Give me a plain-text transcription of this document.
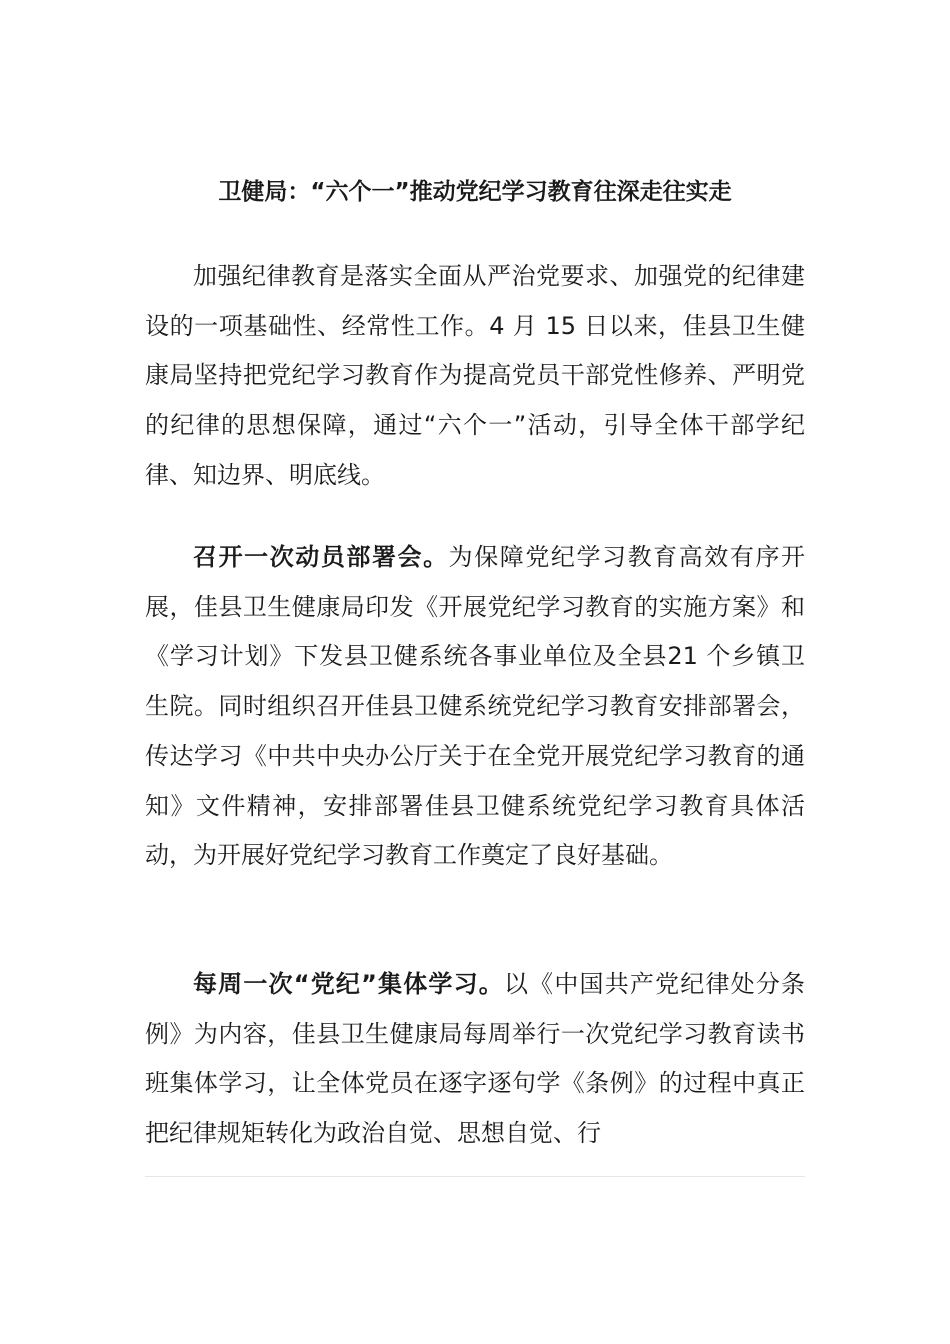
卫健局：“六个一”推动党纪学习教育往深走往实走

加强纪律教育是落实全面从严治党要求、加强党的纪律建设的一项基础性、经常性工作。4 月 15 日以来，佳县卫生健康局坚持把党纪学习教育作为提高党员干部党性修养、严明党的纪律的思想保障，通过“六个一”活动，引导全体干部学纪律、知边界、明底线。

召开一次动员部署会。为保障党纪学习教育高效有序开展，佳县卫生健康局印发《开展党纪学习教育的实施方案》和《学习计划》下发县卫健系统各事业单位及全县21 个乡镇卫生院。同时组织召开佳县卫健系统党纪学习教育安排部署会，传达学习《中共中央办公厅关于在全党开展党纪学习教育的通知》文件精神，安排部署佳县卫健系统党纪学习教育具体活动，为开展好党纪学习教育工作奠定了良好基础。

每周一次“党纪”集体学习。以《中国共产党纪律处分条例》为内容，佳县卫生健康局每周举行一次党纪学习教育读书班集体学习，让全体党员在逐字逐句学《条例》的过程中真正把纪律规矩转化为政治自觉、思想自觉、行
